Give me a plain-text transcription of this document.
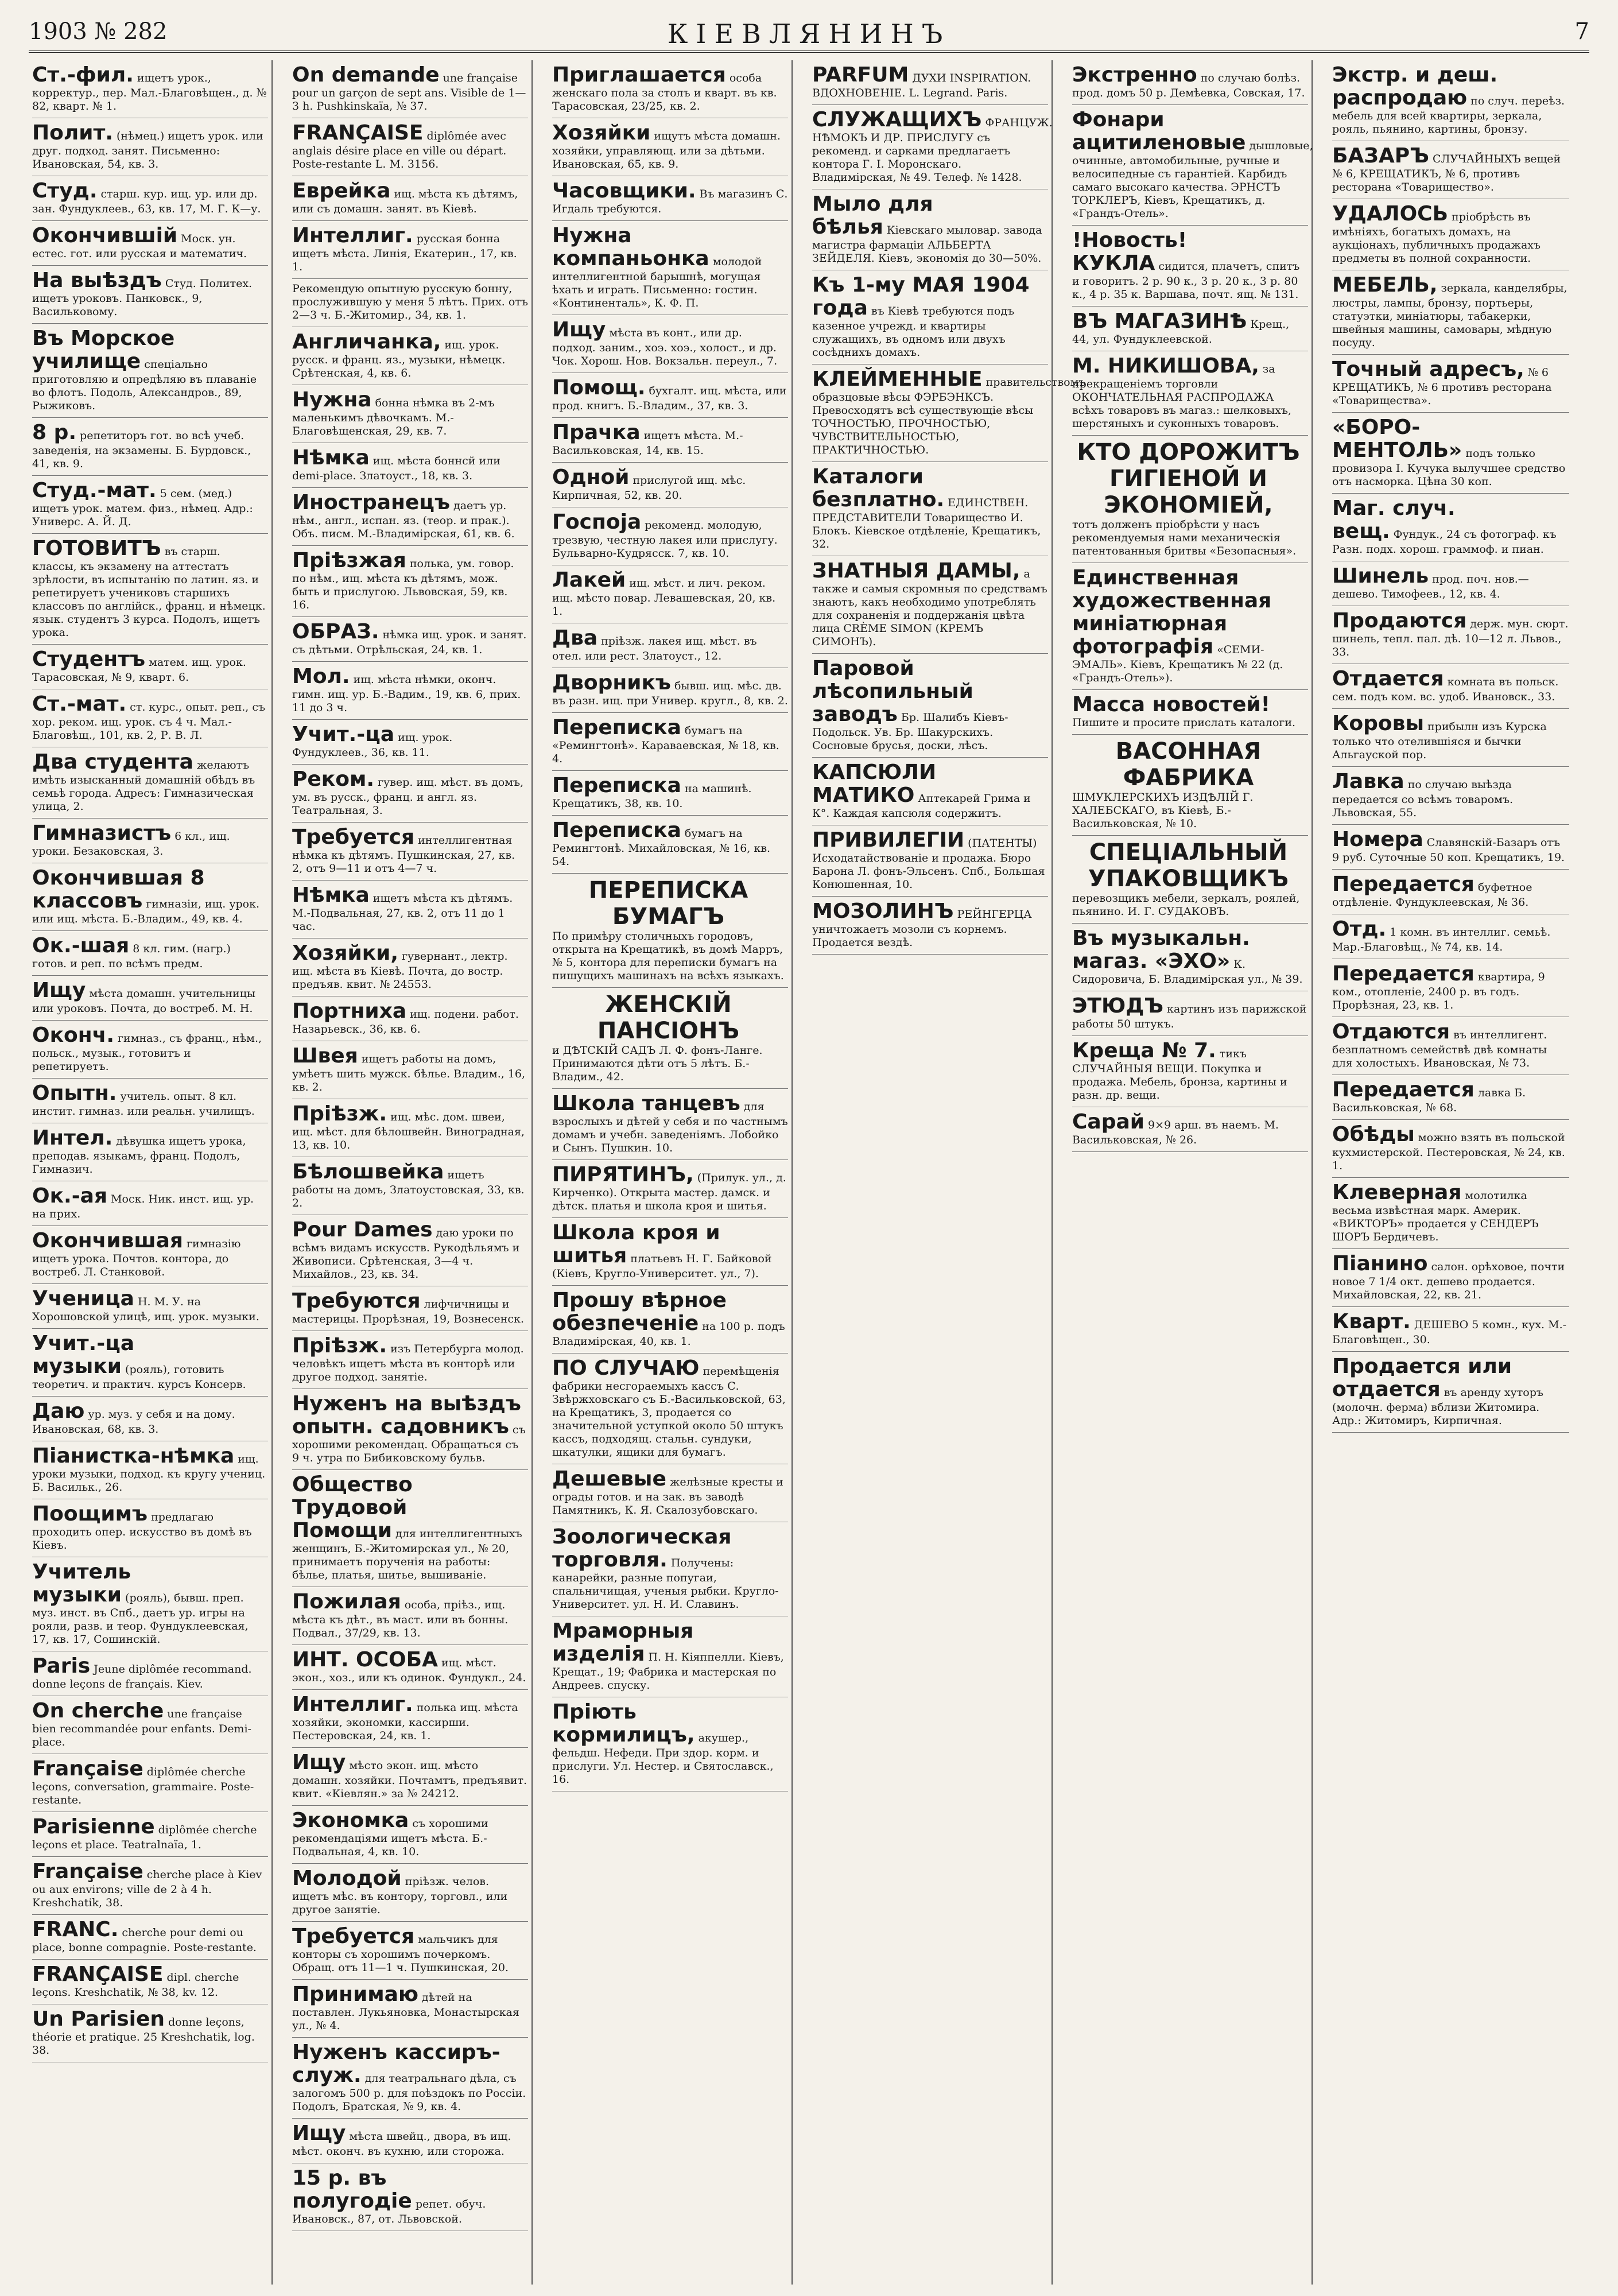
1903 № 282	КІЕВЛЯНИНЪ	7
Ст.-фил. ищетъ урок., корректур., пер. Мал.-Благовѣщен., д. № 82, кварт. № 1.
Полит. (нѣмец.) ищетъ урок. или друг. подход. занят. Письменно: Ивановская, 54, кв. 3.
Студ. старш. кур. ищ. ур. или др. зан. Фундуклеев., 63, кв. 17, М. Г. К—у.
Окончившій Моск. ун. естес. гот. или русская и математич.
На выѣздъ Студ. Политех. ищетъ уроковъ. Панковск., 9, Васильковому.
Въ Морское училище спеціально приготовляю и опредѣляю въ плаваніе во флотъ. Подоль, Александров., 89, Рыжиковъ.
8 р. репетиторъ гот. во всѣ учеб. заведенія, на экзамены. Б. Бурдовск., 41, кв. 9.
Студ.-мат. 5 сем. (мед.) ищетъ урок. матем. физ., нѣмец. Адр.: Универс. А. Й. Д.
ГОТОВИТЪ въ старш. классы, къ экзамену на аттестатъ зрѣлости, въ испытанію по латин. яз. и репетируетъ учениковъ старшихъ классовъ по англійск., франц. и нѣмецк. язык. студентъ 3 курса. Подолъ, ищетъ урока.
Студентъ матем. ищ. урок. Тарасовская, № 9, кварт. 6.
Ст.-мат. ст. курс., опыт. реп., съ хор. реком. ищ. урок. съ 4 ч. Мал.-Благовѣщ., 101, кв. 2, Р. В. Л.
Два студента желаютъ имѣть изысканный домашній обѣдъ въ семьѣ города. Адресъ: Гимназическая улица, 2.
Гимназистъ 6 кл., ищ. уроки. Безаковская, 3.
Окончившая 8 классовъ гимназіи, ищ. урок. или ищ. мѣста. Б.-Владим., 49, кв. 4.
Ок.-шая 8 кл. гим. (нагр.) готов. и реп. по всѣмъ предм.
Ищу мѣста домашн. учительницы или уроковъ. Почта, до востреб. М. Н.
Оконч. гимназ., съ франц., нѣм., польск., музык., готовитъ и репетируетъ.
Опытн. учитель. опыт. 8 кл. инстит. гимназ. или реальн. училищъ.
Интел. дѣвушка ищетъ урока, преподав. языкамъ, франц. Подолъ, Гимназич.
Ок.-ая Моск. Ник. инст. ищ. ур. на прих.
Окончившая гимназію ищетъ урока. Почтов. контора, до востреб. Л. Станковой.
Ученица Н. М. У. на Хорошовской улицѣ, ищ. урок. музыки.
Учит.-ца музыки (рояль), готовить теоретич. и практич. курсъ Консерв.
Даю ур. муз. у себя и на дому. Ивановская, 68, кв. 3.
Піанистка-нѣмка ищ. уроки музыки, подход. къ кругу учениц. Б. Васильк., 26.
Поощимъ предлагаю проходить опер. искусство въ домѣ въ Кіевъ.
Учитель музыки (рояль), бывш. преп. муз. инст. въ Спб., даетъ ур. игры на рояли, разв. и теор. Фундуклеевская, 17, кв. 17, Сошинскій.
Paris Jeune diplômée recommand. donne leçons de français. Kiev.
On cherche une française bien recommandée pour enfants. Demi-place.
Française diplômée cherche leçons, conversation, grammaire. Poste-restante.
Parisienne diplômée cherche leçons et place. Teatralnaïa, 1.
Française cherche place à Kiev ou aux environs; ville de 2 à 4 h. Kreshchatik, 38.
FRANC. cherche pour demi ou place, bonne compagnie. Poste-restante.
FRANÇAISE dipl. cherche leçons. Kreshchatik, № 38, kv. 12.
Un Parisien donne leçons, théorie et pratique. 25 Kreshchatik, log. 38.
On demande une française pour un garçon de sept ans. Visible de 1—3 h. Pushkinskaïa, № 37.
FRANÇAISE diplômée avec anglais désire place en ville ou départ. Poste-restante L. M. 3156.
Еврейка ищ. мѣста къ дѣтямъ, или съ домашн. занят. въ Кіевѣ.
Интеллиг. русская бонна ищетъ мѣста. Линія, Екатерин., 17, кв. 1.
Рекомендую опытную русскую бонну, прослужившую у меня 5 лѣтъ. Прих. отъ 2—3 ч. Б.-Житомир., 34, кв. 1.
Англичанка, ищ. урок. русск. и франц. яз., музыки, нѣмецк. Срѣтенская, 4, кв. 6.
Нужна бонна нѣмка въ 2-мъ маленькимъ дѣвочкамъ. М.-Благовѣщенская, 29, кв. 7.
Нѣмка ищ. мѣста боннсй или demi-place. Златоуст., 18, кв. 3.
Иностранецъ даетъ ур. нѣм., англ., испан. яз. (теор. и прак.). Объ. писм. М.-Владимірская, 61, кв. 6.
Прiѣзжая полька, ум. говор. по нѣм., ищ. мѣста къ дѣтямъ, мож. быть и прислугою. Львовская, 59, кв. 16.
ОБРАЗ. нѣмка ищ. урок. и занят. съ дѣтьми. Отрѣльская, 24, кв. 1.
Мол. ищ. мѣста нѣмки, оконч. гимн. ищ. ур. Б.-Вадим., 19, кв. 6, прих. 11 до 3 ч.
Учит.-ца ищ. урок. Фундуклеев., 36, кв. 11.
Реком. гувер. ищ. мѣст. въ домъ, ум. въ русск., франц. и англ. яз. Театральная, 3.
Требуется интеллигентная нѣмка къ дѣтямъ. Пушкинская, 27, кв. 2, отъ 9—11 и отъ 4—7 ч.
Нѣмка ищетъ мѣста къ дѣтямъ. М.-Подвальная, 27, кв. 2, отъ 11 до 1 час.
Хозяйки, гувернант., лектр. ищ. мѣста въ Кіевѣ. Почта, до востр. предъяв. квит. № 24553.
Портниха ищ. подени. работ. Назарьевск., 36, кв. 6.
Швея ищетъ работы на домъ, умѣетъ шить мужск. бѣлье. Владим., 16, кв. 2.
Прiѣзж. ищ. мѣс. дом. швеи, ищ. мѣст. для бѣлошвейн. Виноградная, 13, кв. 10.
Бѣлошвейка ищетъ работы на домъ, Златоустовская, 33, кв. 2.
Pour Dames даю уроки по всѣмъ видамъ искусств. Рукодѣльямъ и Живописи. Срѣтенская, 3—4 ч. Михайлов., 23, кв. 34.
Требуются лифчичницы и мастерицы. Прорѣзная, 19, Вознесенск.
Прiѣзж. изъ Петербурга молод. человѣкъ ищетъ мѣста въ конторѣ или другое подход. занятіе.
Нуженъ на выѣздъ опытн. садовникъ съ хорошими рекомендац. Обращаться съ 9 ч. утра по Бибиковскому бульв.
Общество Трудовой Помощи для интеллигентныхъ женщинъ, Б.-Житомирская ул., № 20, принимаетъ порученія на работы: бѣлье, платья, шитье, вышиваніе.
Пожилая особа, прiѣз., ищ. мѣста къ дѣт., въ маст. или въ бонны. Подвал., 37/29, кв. 13.
ИНТ. ОСОБА ищ. мѣст. экон., хоз., или къ одинок. Фундукл., 24.
Интеллиг. полька ищ. мѣста хозяйки, экономки, кассирши. Пестеровская, 24, кв. 1.
Ищу мѣсто экон. ищ. мѣсто домашн. хозяйки. Почтамтъ, предъявит. квит. «Кіевлян.» за № 24212.
Экономка съ хорошими рекомендаціями ищетъ мѣста. Б.-Подвальная, 4, кв. 10.
Молодой прiѣзж. челов. ищетъ мѣс. въ контору, торговл., или другое занятіе.
Требуется мальчикъ для конторы съ хорошимъ почеркомъ. Обращ. отъ 11—1 ч. Пушкинская, 20.
Принимаю дѣтей на поставлен. Лукьяновка, Монастырская ул., № 4.
Нуженъ кассиръ-служ. для театральнаго дѣла, съ залогомъ 500 р. для поѣздокъ по Россіи. Подолъ, Братская, № 9, кв. 4.
Ищу мѣста швейц., двора, въ ищ. мѣст. оконч. въ кухню, или сторожа.
15 р. въ полугодіе репет. обуч. Ивановск., 87, от. Львовской.
Приглашается особа женскаго пола за столъ и кварт. въ кв. Тарасовская, 23/25, кв. 2.
Хозяйки ищутъ мѣста домашн. хозяйки, управляющ. или за дѣтьми. Ивановская, 65, кв. 9.
Часовщики. Въ магазинъ С. Игдаль требуются.
Нужна компаньонка молодой интеллигентной барышнѣ, могущая ѣхать и играть. Письменно: гостин. «Континенталь», К. Ф. П.
Ищу мѣста въ конт., или др. подход. заним., хоэ. хоэ., холост., и др. Чок. Хорош. Нов. Вокзальн. переул., 7.
Помощ. бухгалт. ищ. мѣста, или прод. книгъ. Б.-Владим., 37, кв. 3.
Прачка ищетъ мѣста. М.-Васильковская, 14, кв. 15.
Одной прислугой ищ. мѣс. Кирпичная, 52, кв. 20.
Госпоjа рекоменд. молодую, трезвую, честную лакея или прислугу. Бульварно-Кудрясск. 7, кв. 10.
Лакей ищ. мѣст. и лич. реком. ищ. мѣсто повар. Левашевская, 20, кв. 1.
Два прiѣзж. лакея ищ. мѣст. въ отел. или рест. Златоуст., 12.
Дворникъ бывш. ищ. мѣс. дв. въ разн. ищ. при Универ. кругл., 8, кв. 2.
Переписка бумагъ на «Ремингтонѣ». Караваевская, № 18, кв. 4.
Переписка на машинѣ. Крещатикъ, 38, кв. 10.
Переписка бумагъ на Ремингтонѣ. Михайловская, № 16, кв. 54.
ПЕРЕПИСКА БУМАГЪ
По примѣру столичныхъ городовъ, открыта на Крещатикѣ, въ домѣ Марръ, № 5, контора для переписки бумагъ на пишущихъ машинахъ на всѣхъ языкахъ.
ЖЕНСКІЙ ПАНСІОНЪ
и ДѢТСКІЙ САДЪ Л. Ф. фонъ-Ланге. Принимаются дѣти отъ 5 лѣтъ. Б.-Владим., 42.
Школа танцевъ для взрослыхъ и дѣтей у себя и по частнымъ домамъ и учебн. заведеніямъ. Лобойко и Сынъ. Пушкин. 10.
ПИРЯТИНЪ, (Прилук. ул., д. Кирченко). Открыта мастер. дамск. и дѣтск. платья и школа кроя и шитья.
Школа кроя и шитья платьевъ Н. Г. Байковой (Кіевъ, Кругло-Университет. ул., 7).
Прошу вѣрное обезпеченіе на 100 р. подъ Владимірская, 40, кв. 1.
ПО СЛУЧАЮ перемѣщенія фабрики несгораемыхъ кассъ С. Звѣржховскаго съ Б.-Васильковской, 63, на Крещатикъ, 3, продается со значительной уступкой около 50 штукъ кассъ, подходящ. стальн. сундуки, шкатулки, ящики для бумагъ.
Дешевые желѣзные кресты и ограды готов. и на зак. въ заводѣ Памятникъ, К. Я. Скалозубовскаго.
Зоологическая торговля. Получены: канарейки, разные попугаи, спальничищая, ученыя рыбки. Кругло-Университет. ул. Н. И. Славинъ.
Мраморныя изделія П. Н. Кіяппелли. Кіевъ, Крещат., 19; Фабрика и мастерская по Андреев. спуску.
Пріють кормилицъ, акушер., фельдш. Нефеди. При здор. корм. и прислуги. Ул. Нестер. и Святославск., 16.
PARFUM ДУХИ INSPIRATION. ВДОХНОВЕНІЕ. L. Legrand. Paris.
СЛУЖАЩИХЪ ФРАНЦУЖ. НѢМОКЪ И ДР. ПРИСЛУГУ съ рекоменд. и сарками предлагаетъ контора Г. І. Моронскаго. Владимірская, № 49. Телеф. № 1428.
Мыло для бѣлья Кіевскаго мыловар. завода магистра фармаціи АЛЬБЕРТА ЗЕЙДЕЛЯ. Кіевъ, экономія до 30—50%.
Къ 1-му МАЯ 1904 года въ Кіевѣ требуются подъ казенное учрежд. и квартиры служащихъ, въ одномъ или двухъ сосѣднихъ домахъ.
КЛЕЙМЕННЫЕ правительствомъ образцовые вѣсы ФЭРБЭНКСЪ. Превосходятъ всѣ существующіе вѣсы ТОЧНОСТЬЮ, ПРОЧНОСТЬЮ, ЧУВСТВИТЕЛЬНОСТЬЮ, ПРАКТИЧНОСТЬЮ.
Каталоги безплатно. ЕДИНСТВЕН. ПРЕДСТАВИТЕЛИ Товарищество И. Блокъ. Кіевское отдѣленіе, Крещатикъ, 32.
ЗНАТНЫЯ ДАМЫ, а также и самыя скромныя по средствамъ знаютъ, какъ необходимо употреблять для сохраненія и поддержанія цвѣта лица CRÈME SIMON (КРЕМЪ СИМОНЪ).
Паровой лѣсопильный заводъ Бр. Шалибъ Кіевъ-Подольск. Ув. Бр. Шакурскихъ. Сосновые брусья, доски, лѣсъ.
КАПСЮЛИ МАТИКО Аптекарей Грима и К°. Каждая капсюля содержитъ.
ПРИВИЛЕГІИ (ПАТЕНТЫ) Исходатайствованіе и продажа. Бюро Барона Л. фонъ-Эльсенъ. Спб., Большая Конюшенная, 10.
МОЗОЛИНЪ РЕЙНГЕРЦА уничтожаетъ мозоли съ корнемъ. Продается вездѣ.
Экстренно по случаю болѣз. прод. домъ 50 р. Демѣевка, Совская, 17.
Фонари ацитиленовые дышловые, очинные, автомобильные, ручные и велосипедные съ гарантіей. Карбидъ самаго высокаго качества. ЭРНСТЪ ТОРКЛЕРЪ, Кіевъ, Крещатикъ, д. «Грандъ-Отель».
!Новость! КУКЛА сидится, плачетъ, спитъ и говоритъ. 2 р. 90 к., 3 р. 20 к., 3 р. 80 к., 4 р. 35 к. Варшава, почт. ящ. № 131.
ВЪ МАГАЗИНѢ Крещ., 44, ул. Фундуклеевской.
М. НИКИШОВА, за прекращеніемъ торговли ОКОНЧАТЕЛЬНАЯ РАСПРОДАЖА всѣхъ товаровъ въ магаз.: шелковыхъ, шерстяныхъ и суконныхъ товаровъ.
КТО ДОРОЖИТЪ ГИГІЕНОЙ И ЭКОНОМІЕЙ,
тотъ долженъ пріобрѣсти у насъ рекомендуемыя нами механическія патентованныя бритвы «Безопасныя».
Единственная художественная миніатюрная фотографія «СЕМИ-ЭМАЛЬ». Кіевъ, Крещатикъ № 22 (д. «Грандъ-Отель»).
Масса новостей!Пишите и просите прислать каталоги.
ВАСОННАЯ ФАБРИКА
ШМУКЛЕРСКИХЪ ИЗДѢЛІЙ Г. ХАЛЕБСКАГО, въ Кіевѣ, Б.-Васильковская, № 10.
СПЕЦІАЛЬНЫЙ УПАКОВЩИКЪ
перевозщикъ мебели, зеркалъ, роялей, пьянино. И. Г. СУДАКОВЪ.
Въ музыкальн. магаз. «ЭХО» К. Сидоровича, Б. Владимірская ул., № 39.
ЭТЮДЪ картинъ изъ парижской работы 50 штукъ.
Креща № 7. тикъ СЛУЧАЙНЫЯ ВЕЩИ. Покупка и продажа. Мебель, бронза, картины и разн. др. вещи.
Сарай 9×9 арш. въ наемъ. М. Васильковская, № 26.
Экстр. и деш. распродаю по случ. переѣз. мебель для всей квартиры, зеркала, рояль, пьянино, картины, бронзу.
БАЗАРЪ СЛУЧАЙНЫХЪ вещей № 6, КРЕЩАТИКЪ, № 6, противъ ресторана «Товарищество».
УДАЛОСЬ пріобрѣсть въ имѣніяхъ, богатыхъ домахъ, на аукціонахъ, публичныхъ продажахъ предметы въ полной сохранности.
МЕБЕЛЬ, зеркала, канделябры, люстры, лампы, бронзу, портьеры, статуэтки, миніатюры, табакерки, швейныя машины, самовары, мѣдную посуду.
Точный адресъ, № 6 КРЕЩАТИКЪ, № 6 противъ ресторана «Товарищества».
«БОРО-МЕНТОЛЬ» подъ только провизора І. Кучука вылучшее средство отъ насморка. Цѣна 30 коп.
Маг. случ. вещ. Фундук., 24 съ фотограф. къ Разн. подх. хорош. граммоф. и пиан.
Шинель прод. поч. нов.— дешево. Тимофеев., 12, кв. 4.
Продаются держ. мун. сюрт. шинель, тепл. пал. дѣ. 10—12 л. Львов., 33.
Отдается комната въ польск. сем. подъ ком. вс. удоб. Ивановск., 33.
Коровы прибылн изъ Курска только что отелившіяся и бычки Альгауской пор.
Лавка по случаю выѣзда передается со всѣмъ товаромъ. Львовская, 55.
Номера Славянскій-Базаръ отъ 9 руб. Суточные 50 коп. Крещатикъ, 19.
Передается буфетное отдѣленіе. Фундуклеевская, № 36.
Отд. 1 комн. въ интеллиг. семьѣ. Мар.-Благовѣщ., № 74, кв. 14.
Передается квартира, 9 ком., отопленіе, 2400 р. въ годъ. Прорѣзная, 23, кв. 1.
Отдаются въ интеллигент. безплатномъ семействѣ двѣ комнаты для холостыхъ. Ивановская, № 73.
Передается лавка Б. Васильковская, № 68.
Обѣды можно взять въ польской кухмистерской. Пестеровская, № 24, кв. 1.
Клеверная молотилка весьма извѣстная марк. Америк. «ВИКТОРЪ» продается у СЕНДЕРЪ ШОРЪ Бердичевъ.
Піанино салон. орѣховое, почти новое 7 1/4 окт. дешево продается. Михайловская, 22, кв. 21.
Кварт. ДЕШЕВО 5 комн., кух. М.-Благовѣщен., 30.
Продается или отдается въ аренду хуторъ (молочн. ферма) вблизи Житомира. Адр.: Житомиръ, Кирпичная.
